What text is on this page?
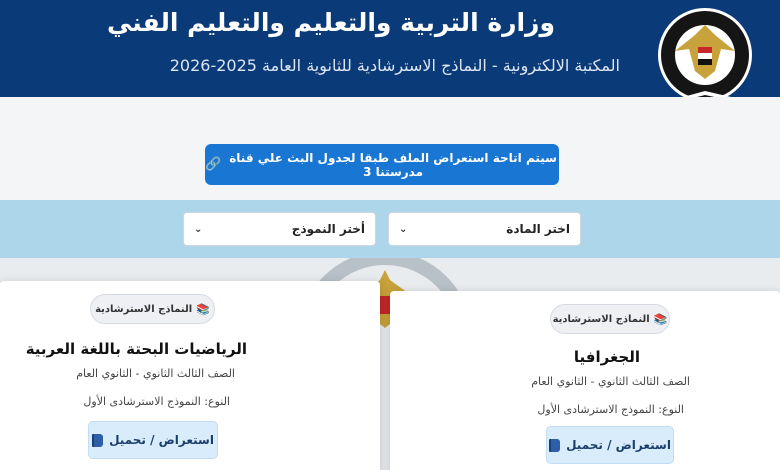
وزارة التربية والتعليم والتعليم الفني
المكتبة الالكترونية - النماذج الاسترشادية للثانوية العامة 2025-2026
سيتم اتاحة استعراض الملف طبقا لجدول البث علي قناة مدرستنا 3
🔗
اختر المادة
⌄
أختر النموذج
⌄
📚
النماذج الاسترشادية
الجغرافيا
الصف الثالث الثانوي - الثانوي العام
النوع: النموذج الاسترشادى الأول
استعراض / تحميل
📚
النماذج الاسترشادية
الرياضيات البحتة باللغة العربية
الصف الثالث الثانوي - الثانوي العام
النوع: النموذج الاسترشادى الأول
استعراض / تحميل
